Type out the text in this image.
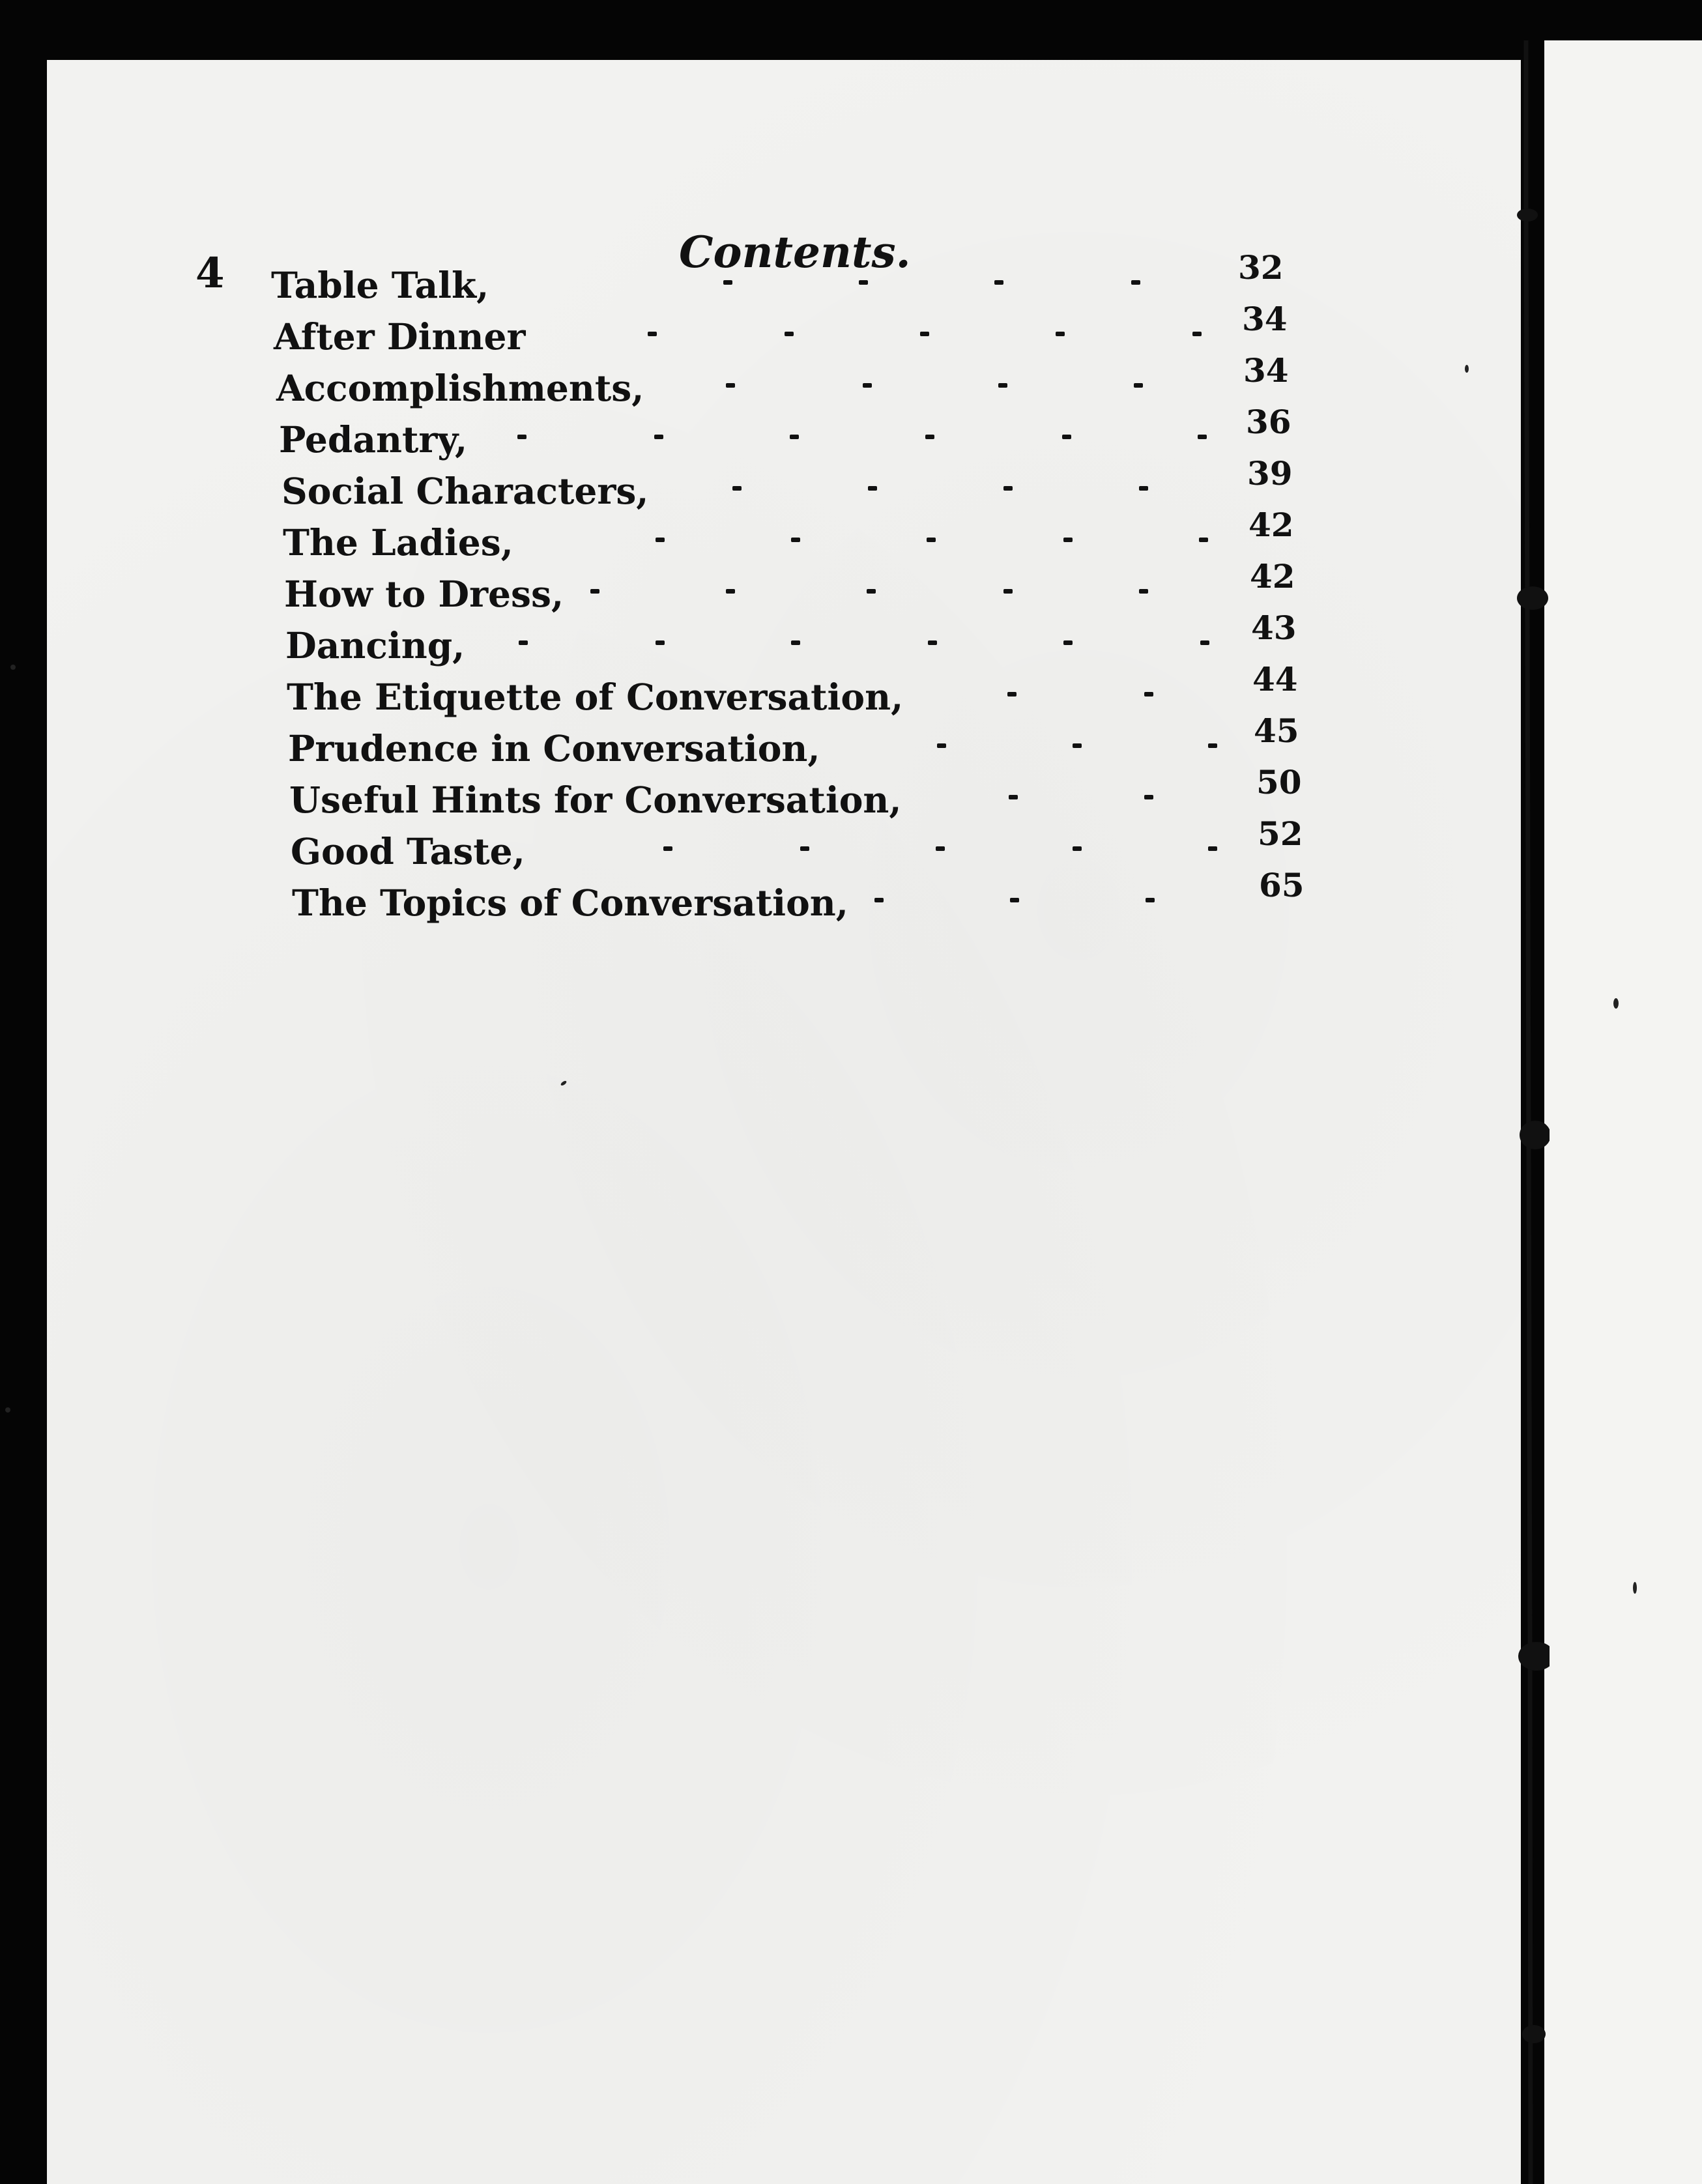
4	Contents.

Table Talk,	32
After Dinner	34
Accomplishments,	34
Pedantry,	36
Social Characters,	39
The Ladies,	42
How to Dress,	42
Dancing,	43
The Etiquette of Conversation,	44
Prudence in Conversation,	45
Useful Hints for Conversation,	50
Good Taste,	52
The Topics of Conversation,	65
